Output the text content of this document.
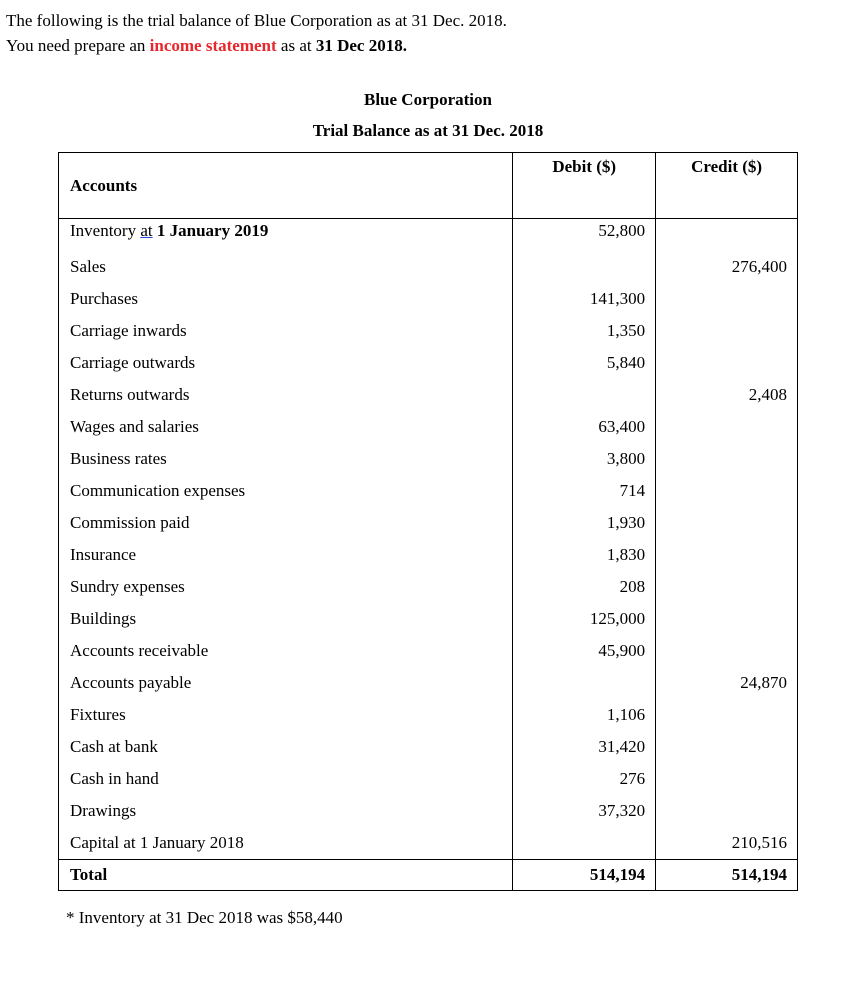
The following is the trial balance of Blue Corporation as at 31 Dec. 2018.
You need prepare an income statement as at 31 Dec 2018.
Blue Corporation
Trial Balance as at 31 Dec. 2018
Accounts	Debit ($)	Credit ($)
Inventory at 1 January 2019	52,800	
Sales		276,400
Purchases	141,300	
Carriage inwards	1,350	
Carriage outwards	5,840	
Returns outwards		2,408
Wages and salaries	63,400	
Business rates	3,800	
Communication expenses	714	
Commission paid	1,930	
Insurance	1,830	
Sundry expenses	208	
Buildings	125,000	
Accounts receivable	45,900	
Accounts payable		24,870
Fixtures	1,106	
Cash at bank	31,420	
Cash in hand	276	
Drawings	37,320	
Capital at 1 January 2018		210,516
Total	514,194	514,194
* Inventory at 31 Dec 2018 was $58,440
